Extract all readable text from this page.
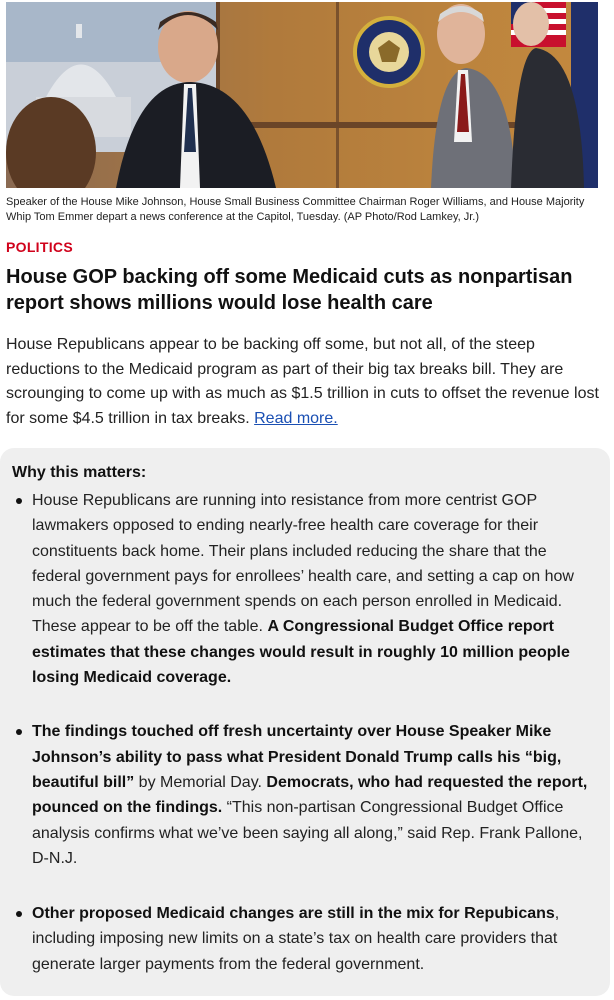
Speaker of the House Mike Johnson, House Small Business Committee Chairman Roger Williams, and House Majority Whip Tom Emmer depart a news conference at the Capitol, Tuesday. (AP Photo/Rod Lamkey, Jr.)
POLITICS
House GOP backing off some Medicaid cuts as nonpartisan report shows millions would lose health care

House Republicans appear to be backing off some, but not all, of the steep reductions to the Medicaid program as part of their big tax breaks bill. They are scrounging to come up with as much as $1.5 trillion in cuts to offset the revenue lost for some $4.5 trillion in tax breaks. Read more.

Why this matters:
House Republicans are running into resistance from more centrist GOP lawmakers opposed to ending nearly-free health care coverage for their constituents back home. Their plans included reducing the share that the federal government pays for enrollees’ health care, and setting a cap on how much the federal government spends on each person enrolled in Medicaid. These appear to be off the table. A Congressional Budget Office report estimates that these changes would result in roughly 10 million people losing Medicaid coverage.
The findings touched off fresh uncertainty over House Speaker Mike Johnson’s ability to pass what President Donald Trump calls his “big, beautiful bill” by Memorial Day. Democrats, who had requested the report, pounced on the findings. “This non-partisan Congressional Budget Office analysis confirms what we’ve been saying all along,” said Rep. Frank Pallone, D-N.J.
Other proposed Medicaid changes are still in the mix for Repubicans, including imposing new limits on a state’s tax on health care providers that generate larger payments from the federal government.
